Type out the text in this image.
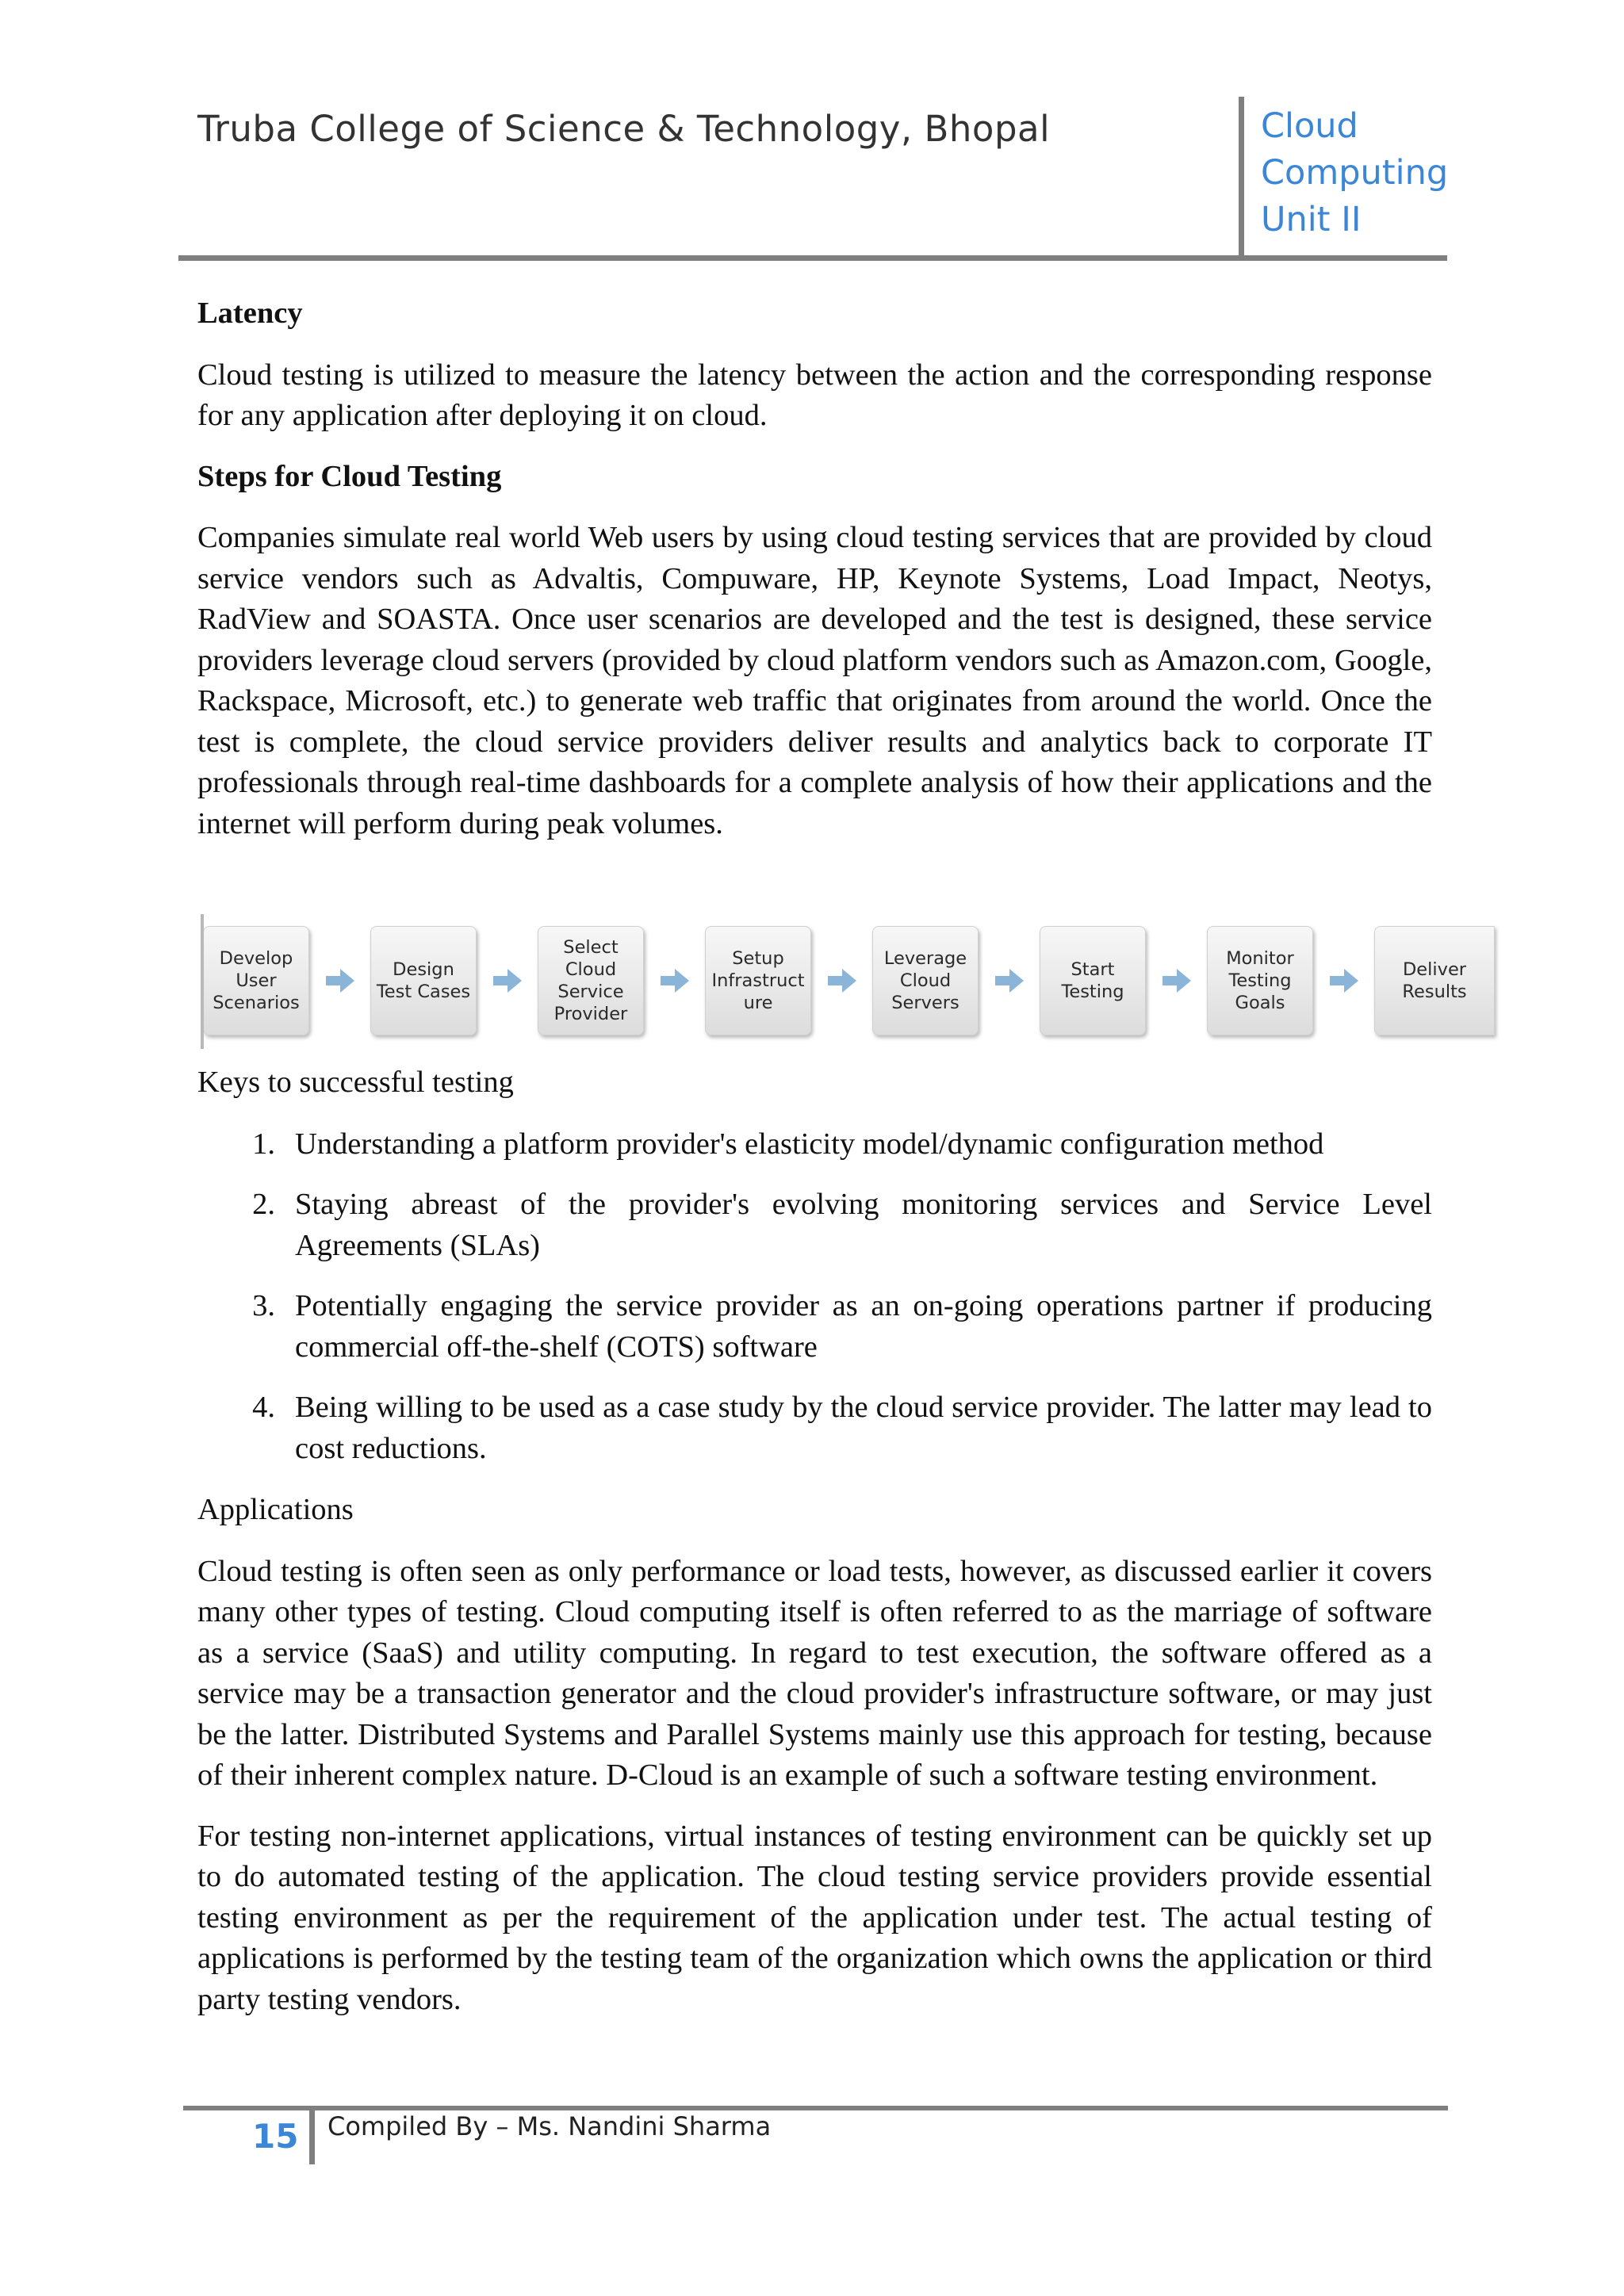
Truba College of Science & Technology, Bhopal	Cloud
Computing
Unit II

Latency

Cloud testing is utilized to measure the latency between the action and the corresponding response for any application after deploying it on cloud.

Steps for Cloud Testing

Companies simulate real world Web users by using cloud testing services that are provided by cloud service vendors such as Advaltis, Compuware, HP, Keynote Systems, Load Impact, Neotys, RadView and SOASTA. Once user scenarios are developed and the test is designed, these service providers leverage cloud servers (provided by cloud platform vendors such as Amazon.com, Google, Rackspace, Microsoft, etc.) to generate web traffic that originates from around the world. Once the test is complete, the cloud service providers deliver results and analytics back to corporate IT professionals through real-time dashboards for a complete analysis of how their applications and the internet will perform during peak volumes.

Keys to successful testing

1. Understanding a platform provider's elasticity model/dynamic configuration method
2. Staying abreast of the provider's evolving monitoring services and Service Level Agreements (SLAs)
3. Potentially engaging the service provider as an on-going operations partner if producing commercial off-the-shelf (COTS) software
4. Being willing to be used as a case study by the cloud service provider. The latter may lead to cost reductions.

Applications

Cloud testing is often seen as only performance or load tests, however, as discussed earlier it covers many other types of testing. Cloud computing itself is often referred to as the marriage of software as a service (SaaS) and utility computing. In regard to test execution, the software offered as a service may be a transaction generator and the cloud provider's infrastructure software, or may just be the latter. Distributed Systems and Parallel Systems mainly use this approach for testing, because of their inherent complex nature. D-Cloud is an example of such a software testing environment.

For testing non-internet applications, virtual instances of testing environment can be quickly set up to do automated testing of the application. The cloud testing service providers provide essential testing environment as per the requirement of the application under test. The actual testing of applications is performed by the testing team of the organization which owns the application or third party testing vendors.

Develop
User
Scenarios
Design
Test Cases
Select
Cloud
Service
Provider
Setup
Infrastruct
ure
Leverage
Cloud
Servers
Start
Testing
Monitor
Testing
Goals
Deliver
Results
15 Compiled By – Ms. Nandini Sharma
